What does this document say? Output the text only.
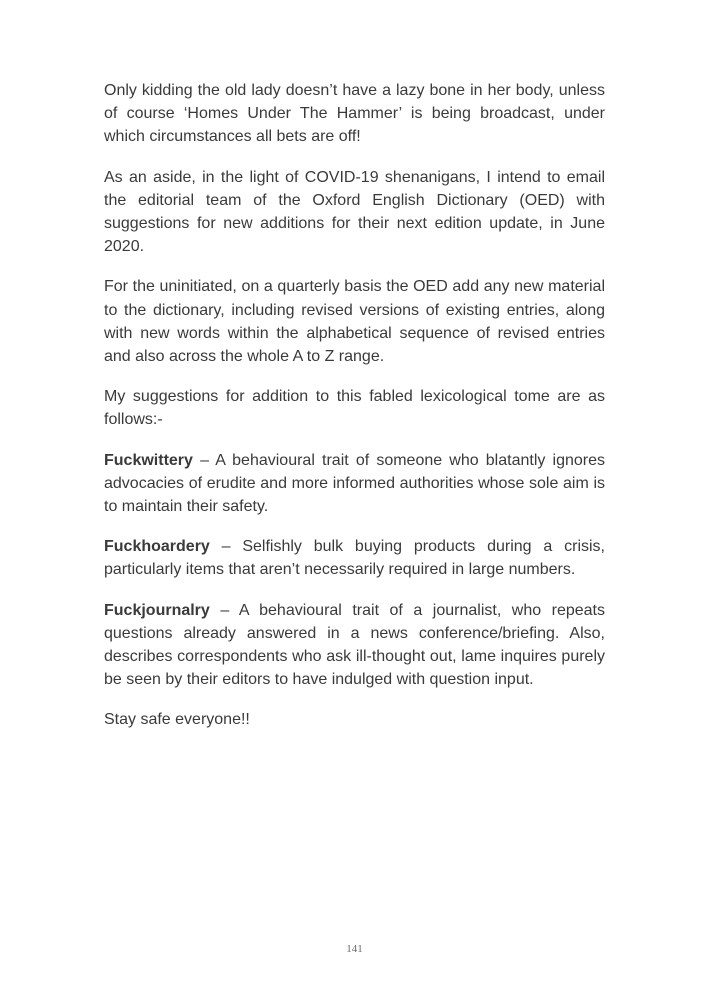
Only kidding the old lady doesn’t have a lazy bone in her body, unless of course ‘Homes Under The Hammer’ is being broadcast, under which circumstances all bets are off!

As an aside, in the light of COVID-19 shenanigans, I intend to email the editorial team of the Oxford English Dictionary (OED) with suggestions for new additions for their next edition update, in June 2020.

For the uninitiated, on a quarterly basis the OED add any new material to the dictionary, including revised versions of existing entries, along with new words within the alphabetical sequence of revised entries and also across the whole A to Z range.

My suggestions for addition to this fabled lexicological tome are as follows:-

Fuckwittery – A behavioural trait of someone who blatantly ignores advocacies of erudite and more informed authorities whose sole aim is to maintain their safety.

Fuckhoardery – Selfishly bulk buying products during a crisis, particularly items that aren’t necessarily required in large numbers.

Fuckjournalry – A behavioural trait of a journalist, who repeats questions already answered in a news conference/briefing. Also, describes correspondents who ask ill-thought out, lame inquires purely be seen by their editors to have indulged with question input.

Stay safe everyone!!

141
